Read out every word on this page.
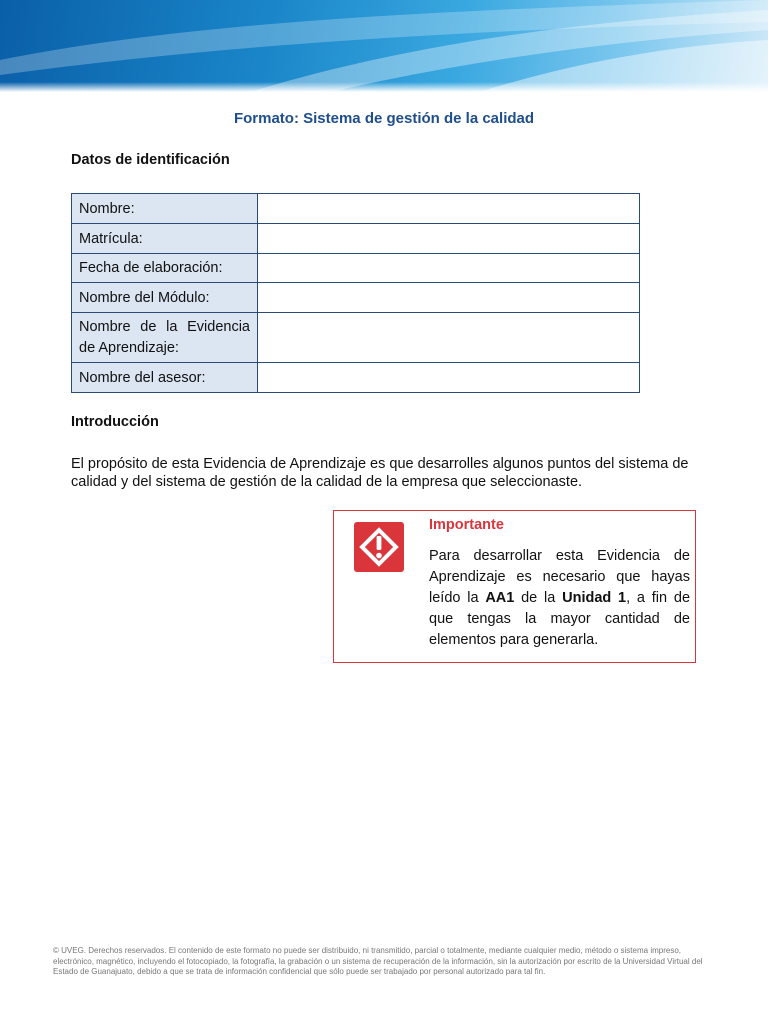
Formato: Sistema de gestión de la calidad
Datos de identificación
Nombre:	
Matrícula:	
Fecha de elaboración:	
Nombre del Módulo:	
Nombre de la Evidencia de Aprendizaje:	
Nombre del asesor:	
Introducción
El propósito de esta Evidencia de Aprendizaje es que desarrolles algunos puntos del sistema de calidad y del sistema de gestión de la calidad de la empresa que seleccionaste.
Importante
Para desarrollar esta Evidencia de Aprendizaje es necesario que hayas leído la AA1 de la Unidad 1, a fin de que tengas la mayor cantidad de elementos para generarla.
© UVEG. Derechos reservados. El contenido de este formato no puede ser distribuido, ni transmitido, parcial o totalmente, mediante cualquier medio, método o sistema impreso, electrónico, magnético, incluyendo el fotocopiado, la fotografía, la grabación o un sistema de recuperación de la información, sin la autorización por escrito de la Universidad Virtual del Estado de Guanajuato, debido a que se trata de información confidencial que sólo puede ser trabajado por personal autorizado para tal fin.
